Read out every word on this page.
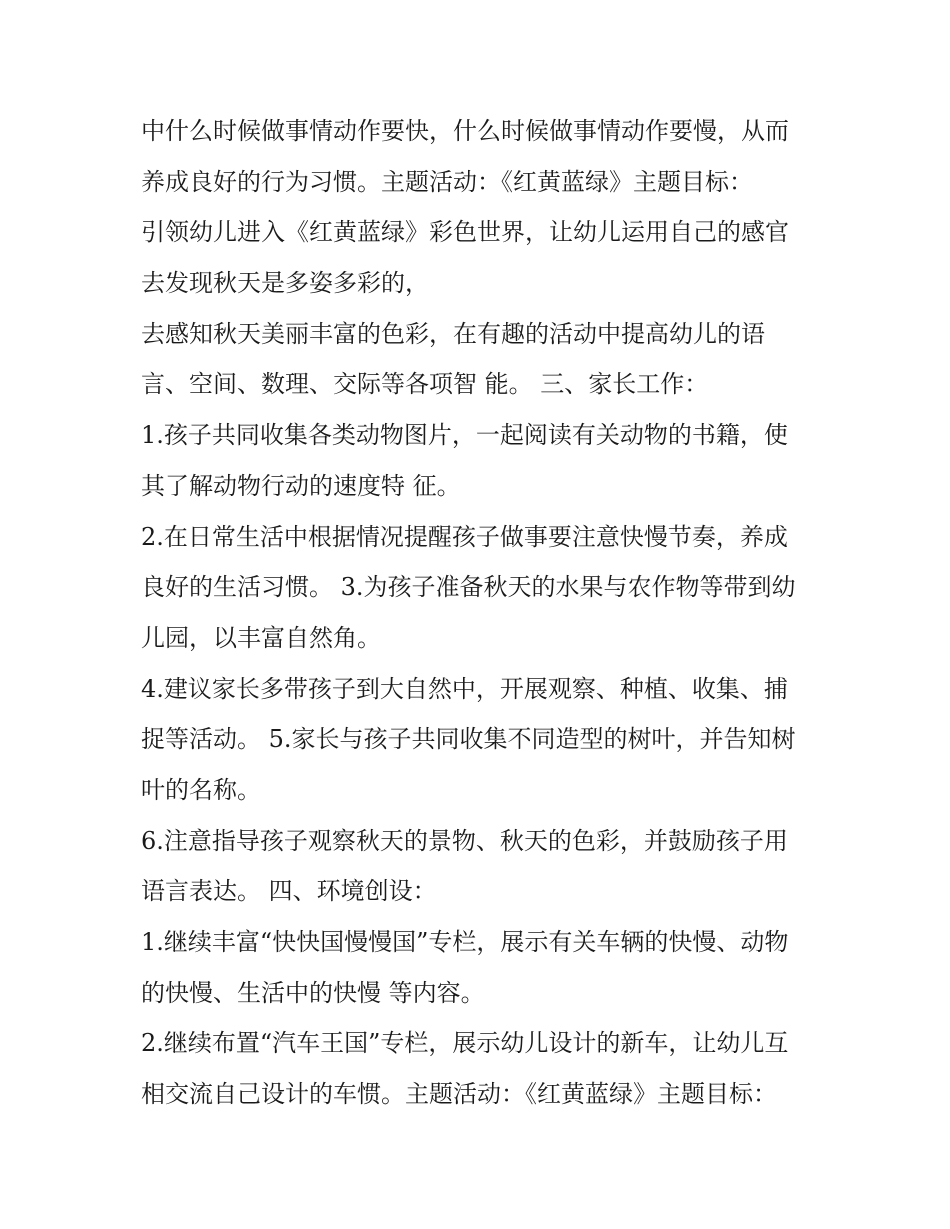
中什么时候做事情动作要快，什么时候做事情动作要慢，从而
养成良好的行为习惯。主题活动：《红黄蓝绿》主题目标：
引领幼儿进入《红黄蓝绿》彩色世界，让幼儿运用自己的感官
去发现秋天是多姿多彩的，
去感知秋天美丽丰富的色彩，在有趣的活动中提高幼儿的语
言、空间、数理、交际等各项智 能。 三、家长工作：
1.孩子共同收集各类动物图片，一起阅读有关动物的书籍，使
其了解动物行动的速度特 征。
2.在日常生活中根据情况提醒孩子做事要注意快慢节奏，养成
良好的生活习惯。 3.为孩子准备秋天的水果与农作物等带到幼
儿园，以丰富自然角。
4.建议家长多带孩子到大自然中，开展观察、种植、收集、捕
捉等活动。 5.家长与孩子共同收集不同造型的树叶，并告知树
叶的名称。
6.注意指导孩子观察秋天的景物、秋天的色彩，并鼓励孩子用
语言表达。 四、环境创设：
1.继续丰富“快快国慢慢国”专栏，展示有关车辆的快慢、动物
的快慢、生活中的快慢 等内容。
2.继续布置“汽车王国”专栏，展示幼儿设计的新车，让幼儿互
相交流自己设计的车惯。主题活动：《红黄蓝绿》主题目标：
